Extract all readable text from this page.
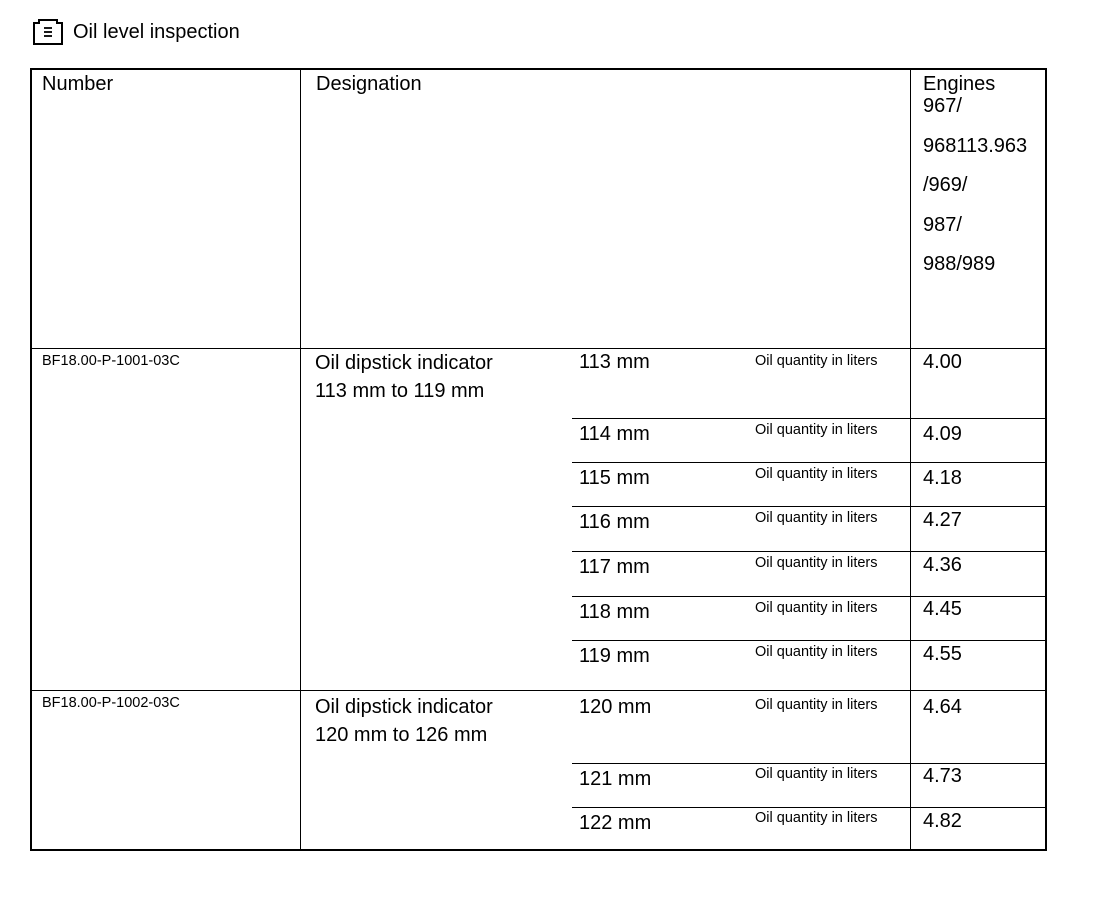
Oil level inspection
Number	Designation	Engines
967/
968113.963
/969/
987/
988/989
BF18.00-P-1001-03C	Oil dipstick indicator
113 mm to 119 mm
113 mm	Oil quantity in liters 4.00
114 mm	Oil quantity in liters 4.09
115 mm	Oil quantity in liters 4.18
116 mm	Oil quantity in liters 4.27
117 mm	Oil quantity in liters 4.36
118 mm	Oil quantity in liters 4.45
119 mm	Oil quantity in liters 4.55
BF18.00-P-1002-03C	Oil dipstick indicator
120 mm to 126 mm
120 mm	Oil quantity in liters 4.64
121 mm	Oil quantity in liters 4.73
122 mm	Oil quantity in liters 4.82
